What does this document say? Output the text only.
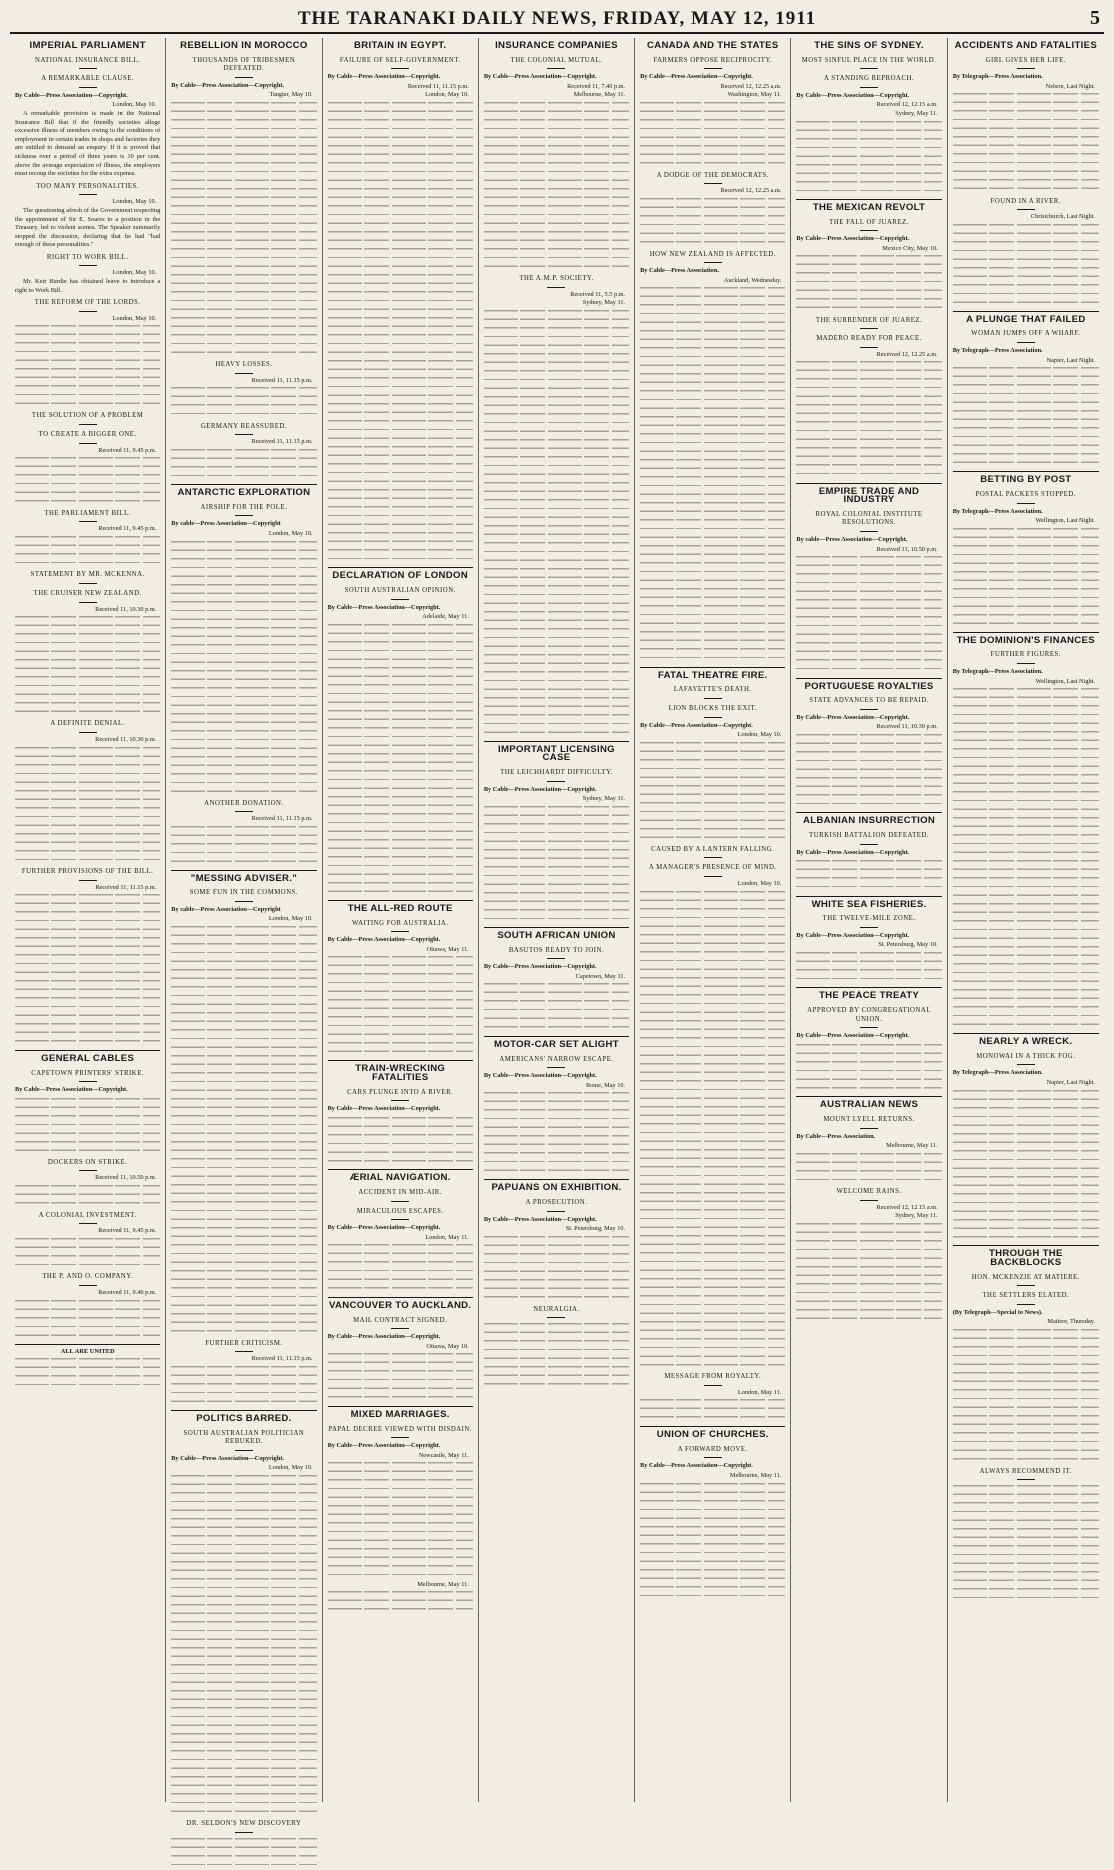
THE TARANAKI DAILY NEWS, FRIDAY, MAY 12, 1911	5
IMPERIAL PARLIAMENT
NATIONAL INSURANCE BILL.
A REMARKABLE CLAUSE.
By Cable—Press Association—Copyright.
London, May 10.
A remarkable provision is made in the National Insurance Bill that if the friendly societies allege excessive illness of members owing to the conditions of employment in certain trades in shops and factories they are entitled to demand an enquiry. If it is proved that sickness over a period of three years is 10 per cent. above the average expectation of illness, the employers must recoup the societies for the extra expense.
TOO MANY PERSONALITIES.
London, May 10.
The questioning afresh of the Government respecting the appointment of Sir E. Soares to a position in the Treasury, led to violent scenes. The Speaker summarily stopped the discussion, declaring that he had "had enough of these personalities."
RIGHT TO WORK BILL.
London, May 10.
Mr. Keir Hardie has obtained leave to introduce a right to Work Bill.
THE REFORM OF THE LORDS.
London, May 10.
THE SOLUTION OF A PROBLEM
TO CREATE A BIGGER ONE.
Received 11, 9.45 p.m.
THE PARLIAMENT BILL.
Received 11, 9.45 p.m.
STATEMENT BY MR. MCKENNA.
THE CRUISER NEW ZEALAND.
Received 11, 10.30 p.m.
A DEFINITE DENIAL.
Received 11, 10.30 p.m.
FURTHER PROVISIONS OF THE BILL.
Received 11, 11.15 p.m.
GENERAL CABLES
CAPETOWN PRINTERS' STRIKE.
By Cable—Press Association—Copyright.
DOCKERS ON STRIKE.
Received 11, 10.50 p.m.
A COLONIAL INVESTMENT.
Received 11, 9.45 p.m.
THE P. AND O. COMPANY.
Received 11, 9.40 p.m.
ALL ARE UNITED
REBELLION IN MOROCCO
THOUSANDS OF TRIBESMEN DEFEATED.
By Cable—Press Association—Copyright.
Tangier, May 10.
HEAVY LOSSES.
Received 11, 11.15 p.m.
GERMANY REASSURED.
Received 11, 11.15 p.m.
ANTARCTIC EXPLORATION
AIRSHIP FOR THE POLE.
By cable—Press Association—Copyright
London, May 10.
ANOTHER DONATION.
Received 11, 11.15 p.m.
"MESSING ADVISER."
SOME FUN IN THE COMMONS.
By cable—Press Association—Copyright
London, May 10.
FURTHER CRITICISM.
Received 11, 11.15 p.m.
POLITICS BARRED.
SOUTH AUSTRALIAN POLITICIAN REBUKED.
By Cable—Press Association—Copyright.
London, May 10.
DR. SELDON'S NEW DISCOVERY
BRITAIN IN EGYPT.
FAILURE OF SELF-GOVERNMENT.
By Cable—Press Association—Copyright.
Received 11, 11.15 p.m.
London, May 10.
DECLARATION OF LONDON
SOUTH AUSTRALIAN OPINION.
By Cable—Press Association—Copyright.
Adelaide, May 11.
THE ALL-RED ROUTE
WAITING FOR AUSTRALIA.
By Cable—Press Association—Copyright.
Ottawa, May 11.
TRAIN-WRECKING FATALITIES
CARS PLUNGE INTO A RIVER.
By Cable—Press Association—Copyright.
ÆRIAL NAVIGATION.
ACCIDENT IN MID-AIR.
MIRACULOUS ESCAPES.
By Cable—Press Association—Copyright.
London, May 11.
VANCOUVER TO AUCKLAND.
MAIL CONTRACT SIGNED.
By Cable—Press Association—Copyright.
Ottawa, May 10.
MIXED MARRIAGES.
PAPAL DECREE VIEWED WITH DISDAIN.
By Cable—Press Association—Copyright.
Newcastle, May 11.
Melbourne, May 11.
INSURANCE COMPANIES
THE COLONIAL MUTUAL.
By Cable—Press Association—Copyright.
Received 11, 7.40 p.m.
Melbourne, May 11.
THE A.M.P. SOCIETY.
Received 11, 5.5 p.m.
Sydney, May 11.
IMPORTANT LICENSING CASE
THE LEICHHARDT DIFFICULTY.
By Cable—Press Association—Copyright.
Sydney, May 11.
SOUTH AFRICAN UNION
BASUTOS READY TO JOIN.
By Cable—Press Association—Copyright.
Capetown, May 11.
MOTOR-CAR SET ALIGHT
AMERICANS' NARROW ESCAPE.
By Cable—Press Association—Copyright.
Rome, May 10.
PAPUANS ON EXHIBITION.
A PROSECUTION.
By Cable—Press Association—Copyright.
St. Petersburg, May 10.
NEURALGIA.
CANADA AND THE STATES
FARMERS OPPOSE RECIPROCITY.
By Cable—Press Association—Copyright.
Received 12, 12.25 a.m.
Washington, May 11.
A DODGE OF THE DEMOCRATS.
Received 12, 12.25 a.m.
HOW NEW ZEALAND IS AFFECTED.
By Cable—Press Association.
Auckland, Wednesday.
FATAL THEATRE FIRE.
LAFAYETTE'S DEATH.
LION BLOCKS THE EXIT.
By Cable—Press Association—Copyright.
London, May 10.
CAUSED BY A LANTERN FALLING.
A MANAGER'S PRESENCE OF MIND.
London, May 10.
MESSAGE FROM ROYALTY.
London, May 11.
UNION OF CHURCHES.
A FORWARD MOVE.
By Cable—Press Association—Copyright.
Melbourne, May 11.
THE SINS OF SYDNEY.
MOST SINFUL PLACE IN THE WORLD.
A STANDING REPROACH.
By Cable—Press Association—Copyright.
Received 12, 12.15 a.m.
Sydney, May 11.
THE MEXICAN REVOLT
THE FALL OF JUAREZ.
By Cable—Press Association—Copyright.
Mexico City, May 10.
THE SURRENDER OF JUAREZ.
MADERO READY FOR PEACE.
Received 12, 12.25 a.m.
EMPIRE TRADE AND INDUSTRY
ROYAL COLONIAL INSTITUTE RESOLUTIONS.
By cable—Press Association—Copyright.
Received 11, 10.50 p.m.
PORTUGUESE ROYALTIES
STATE ADVANCES TO BE REPAID.
By Cable—Press Association—Copyright.
Received 11, 10.30 p.m.
ALBANIAN INSURRECTION
TURKISH BATTALION DEFEATED.
By Cable—Press Association—Copyright.
WHITE SEA FISHERIES.
THE TWELVE-MILE ZONE.
By Cable—Press Association—Copyright.
St. Petersburg, May 10.
THE PEACE TREATY
APPROVED BY CONGREGATIONAL UNION.
By Cable—Press Association—Copyright.
AUSTRALIAN NEWS
MOUNT LYELL RETURNS.
By Cable—Press Association.
Melbourne, May 11.
WELCOME RAINS.
Received 12, 12.15 a.m.
Sydney, May 11.
ACCIDENTS AND FATALITIES
GIRL GIVES HER LIFE.
By Telegraph—Press Association.
Nelson, Last Night.
FOUND IN A RIVER.
Christchurch, Last Night.
A PLUNGE THAT FAILED
WOMAN JUMPS OFF A WHARF.
By Telegraph—Press Association.
Napier, Last Night.
BETTING BY POST
POSTAL PACKETS STOPPED.
By Telegraph—Press Association.
Wellington, Last Night.
THE DOMINION'S FINANCES
FURTHER FIGURES.
By Telegraph—Press Association.
Wellington, Last Night.
NEARLY A WRECK.
MONOWAI IN A THICK FOG.
By Telegraph—Press Association.
Napier, Last Night.
THROUGH THE BACKBLOCKS
HON. MCKENZIE AT MATIERE.
THE SETTLERS ELATED.
(By Telegraph—Special to News).
Matiere, Thursday.
ALWAYS RECOMMEND IT.
